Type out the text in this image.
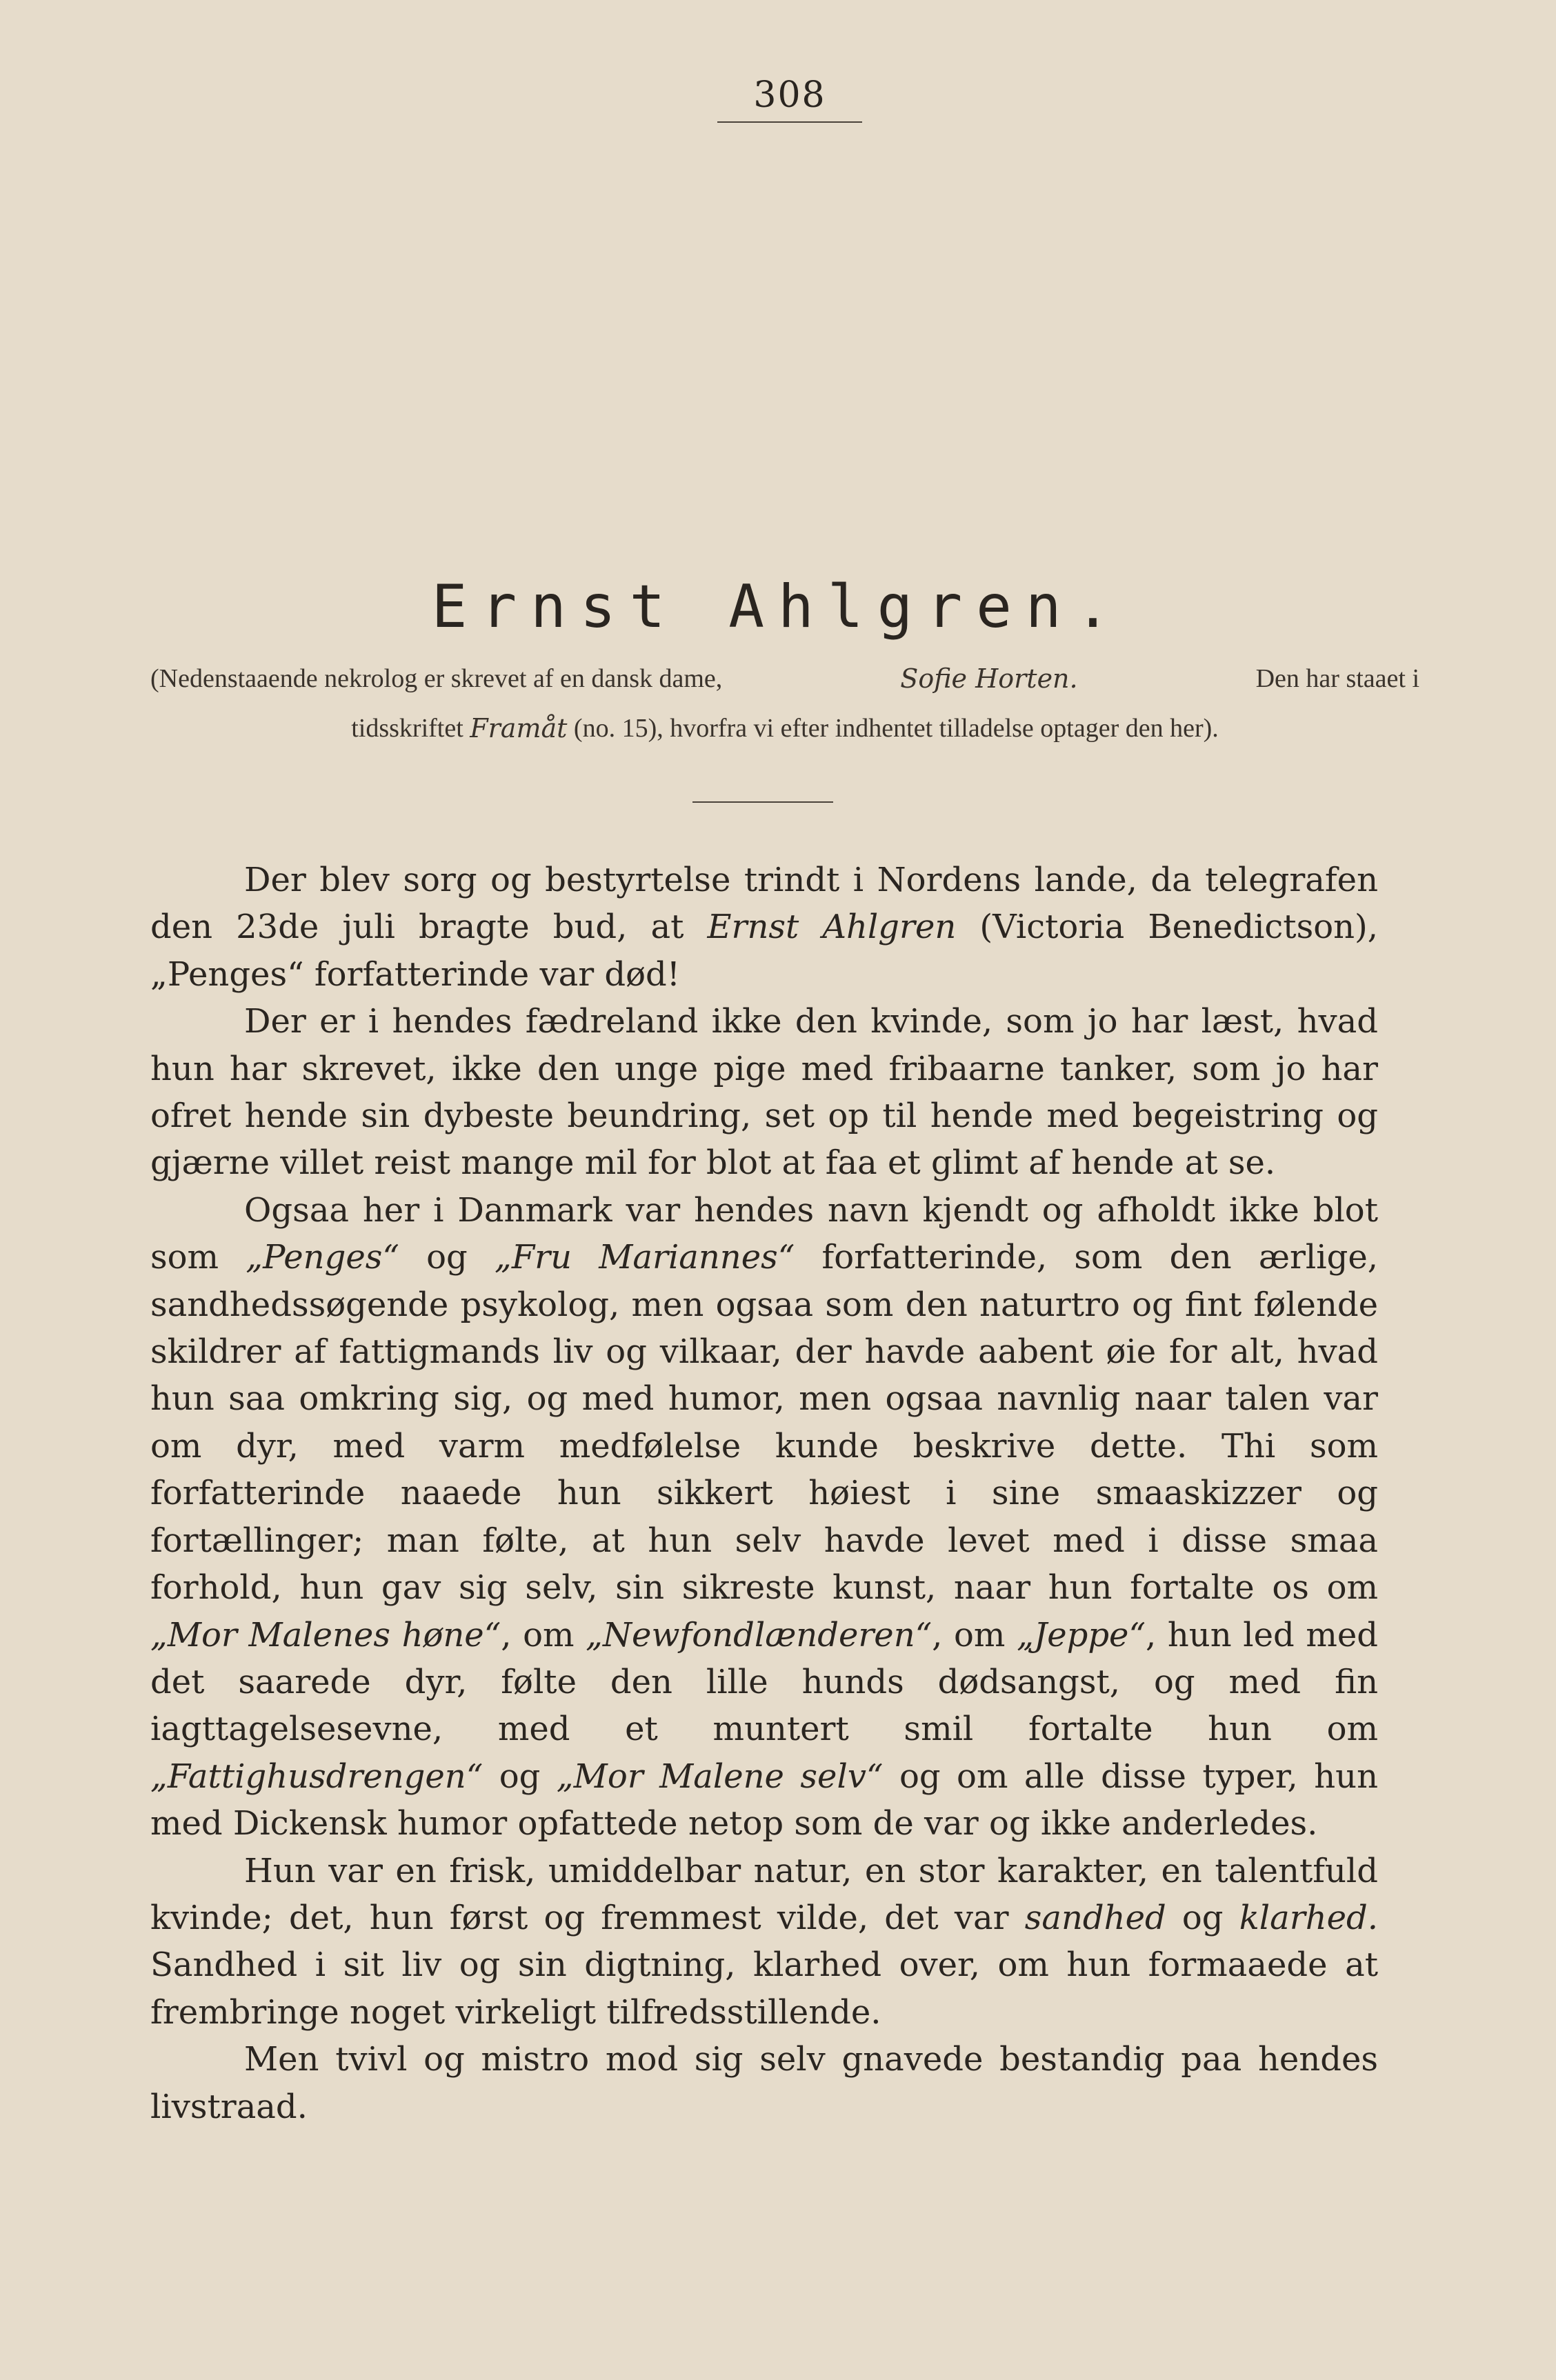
308
Ernst Ahlgren.
(Nedenstaaende nekrolog er skrevet af en dansk dame,	Sofie Horten.	Den har staaet i
tidsskriftet
Framåt
(no. 15), hvorfra vi efter indhentet tilladelse optager den her).

Der blev sorg og bestyrtelse trindt i Nordens lande, da telegrafen den 23de juli bragte bud, at Ernst Ahlgren (Victoria Benedictson), „Penges“ forfatterinde var død!

Der er i hendes fædreland ikke den kvinde, som jo har læst, hvad hun har skrevet, ikke den unge pige med fribaarne tanker, som jo har ofret hende sin dybeste beundring, set op til hende med begeistring og gjærne villet reist mange mil for blot at faa et glimt af hende at se.

Ogsaa her i Danmark var hendes navn kjendt og afholdt ikke blot som „Penges“ og „Fru Mariannes“ forfatterinde, som den ærlige, sandhedssøgende psykolog, men ogsaa som den naturtro og fint følende skildrer af fattigmands liv og vilkaar, der havde aabent øie for alt, hvad hun saa omkring sig, og med humor, men ogsaa navnlig naar talen var om dyr, med varm medfølelse kunde beskrive dette. Thi som forfatterinde naaede hun sikkert høiest i sine smaaskizzer og fortællinger; man følte, at hun selv havde levet med i disse smaa forhold, hun gav sig selv, sin sikreste kunst, naar hun fortalte os om „Mor Malenes høne“, om „Newfondlænderen“, om „Jeppe“, hun led med det saarede dyr, følte den lille hunds dødsangst, og med fin iagttagelsesevne, med et muntert smil fortalte hun om „Fattighusdrengen“ og „Mor Malene selv“ og om alle disse typer, hun med Dickensk humor opfattede netop som de var og ikke anderledes.

Hun var en frisk, umiddelbar natur, en stor karakter, en talentfuld kvinde; det, hun først og fremmest vilde, det var sandhed og klarhed. Sandhed i sit liv og sin digtning, klarhed over, om hun formaaede at frembringe noget virkeligt tilfredsstillende.

Men tvivl og mistro mod sig selv gnavede bestandig paa hendes livstraad.
